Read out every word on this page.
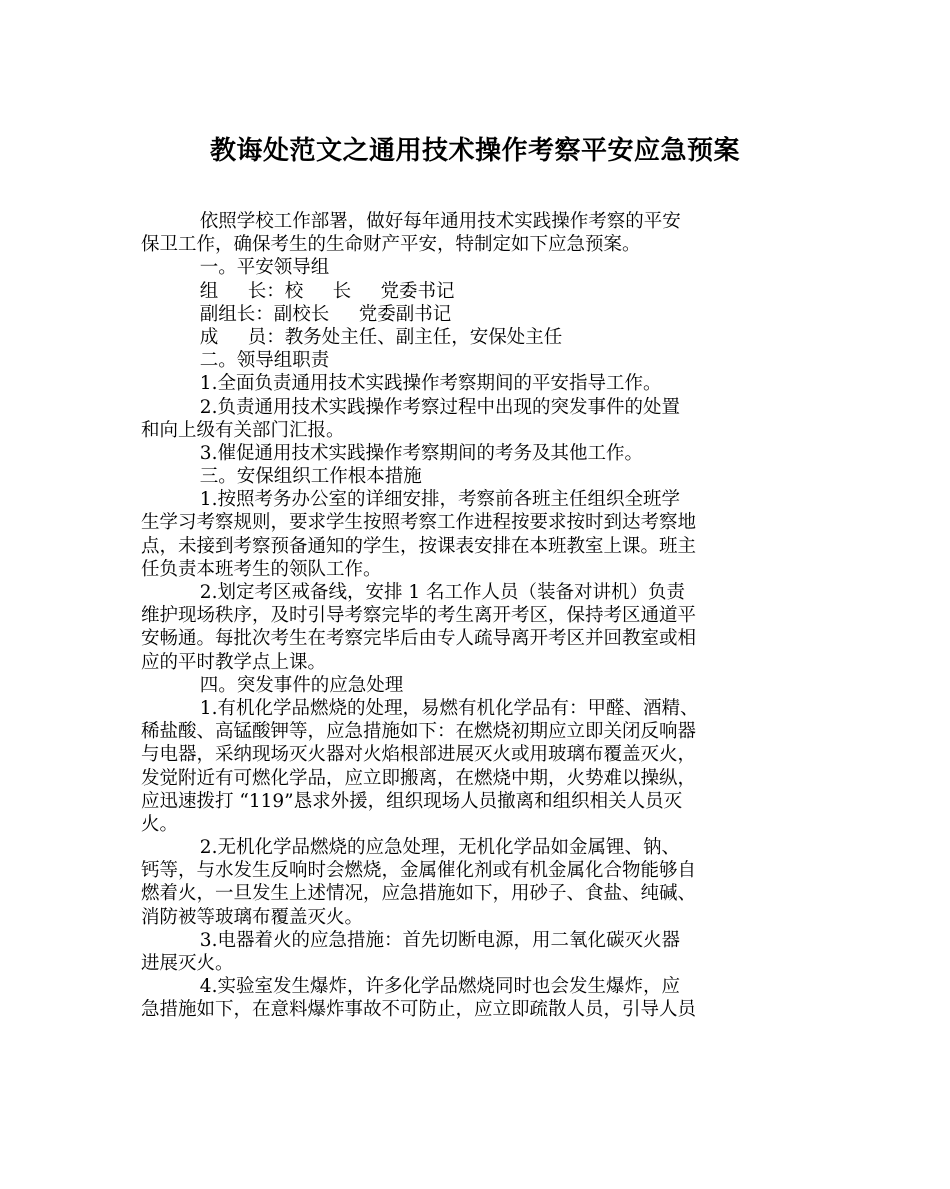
教诲处范文之通用技术操作考察平安应急预案

依照学校工作部署，做好每年通用技术实践操作考察的平安

保卫工作，确保考生的生命财产平安，特制定如下应急预案。

一。平安领导组

组     长：校     长     党委书记

副组长：副校长     党委副书记

成     员：教务处主任、副主任，安保处主任

二。领导组职责

1.全面负责通用技术实践操作考察期间的平安指导工作。

2.负责通用技术实践操作考察过程中出现的突发事件的处置

和向上级有关部门汇报。

3.催促通用技术实践操作考察期间的考务及其他工作。

三。安保组织工作根本措施

1.按照考务办公室的详细安排，考察前各班主任组织全班学

生学习考察规则，要求学生按照考察工作进程按要求按时到达考察地

点，未接到考察预备通知的学生，按课表安排在本班教室上课。班主

任负责本班考生的领队工作。

2.划定考区戒备线，安排 1 名工作人员（装备对讲机）负责

维护现场秩序，及时引导考察完毕的考生离开考区，保持考区通道平

安畅通。每批次考生在考察完毕后由专人疏导离开考区并回教室或相

应的平时教学点上课。

四。突发事件的应急处理

1.有机化学品燃烧的处理，易燃有机化学品有：甲醛、酒精、

稀盐酸、高锰酸钾等，应急措施如下：在燃烧初期应立即关闭反响器

与电器，采纳现场灭火器对火焰根部进展灭火或用玻璃布覆盖灭火，

发觉附近有可燃化学品，应立即搬离，在燃烧中期，火势难以操纵，

应迅速拨打 “119”恳求外援，组织现场人员撤离和组织相关人员灭

火。

2.无机化学品燃烧的应急处理，无机化学品如金属锂、钠、

钙等，与水发生反响时会燃烧，金属催化剂或有机金属化合物能够自

燃着火，一旦发生上述情况，应急措施如下，用砂子、食盐、纯碱、

消防被等玻璃布覆盖灭火。

3.电器着火的应急措施：首先切断电源，用二氧化碳灭火器

进展灭火。

4.实验室发生爆炸，许多化学品燃烧同时也会发生爆炸，应

急措施如下，在意料爆炸事故不可防止，应立即疏散人员，引导人员
